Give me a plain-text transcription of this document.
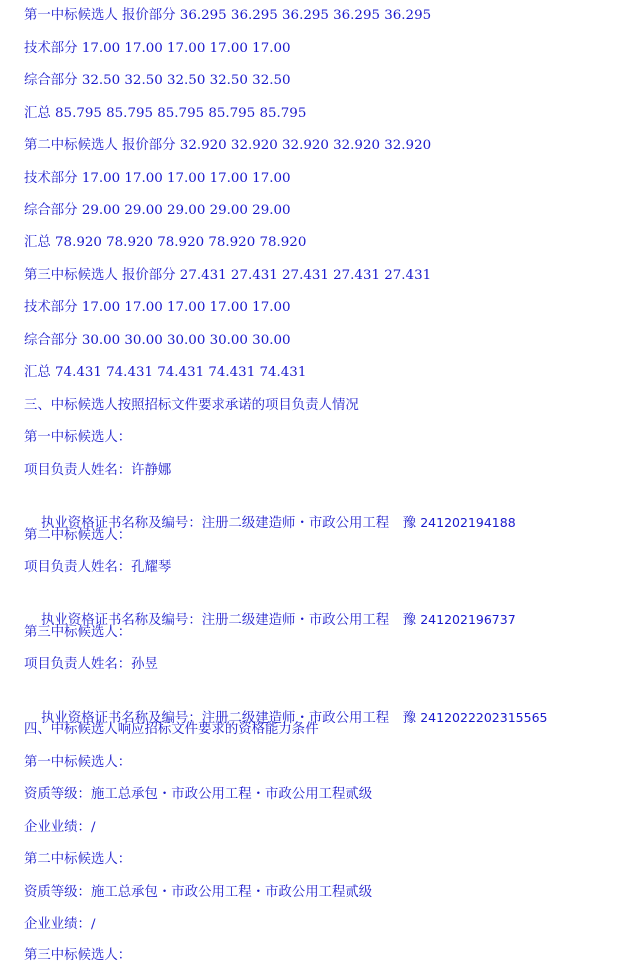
第一中标候选人 报价部分 36.295 36.295 36.295 36.295 36.295
技术部分 17.00 17.00 17.00 17.00 17.00
综合部分 32.50 32.50 32.50 32.50 32.50
汇总 85.795 85.795 85.795 85.795 85.795
第二中标候选人 报价部分 32.920 32.920 32.920 32.920 32.920
技术部分 17.00 17.00 17.00 17.00 17.00
综合部分 29.00 29.00 29.00 29.00 29.00
汇总 78.920 78.920 78.920 78.920 78.920
第三中标候选人 报价部分 27.431 27.431 27.431 27.431 27.431
技术部分 17.00 17.00 17.00 17.00 17.00
综合部分 30.00 30.00 30.00 30.00 30.00
汇总 74.431 74.431 74.431 74.431 74.431
三、中标候选人按照招标文件要求承诺的项目负责人情况
第一中标候选人：
项目负责人姓名：许静娜

执业资格证书名称及编号：注册二级建造师・市政公用工程　豫 241202194188

第二中标候选人：
项目负责人姓名：孔耀琴

执业资格证书名称及编号：注册二级建造师・市政公用工程　豫 241202196737

第三中标候选人：
项目负责人姓名：孙昱

执业资格证书名称及编号：注册二级建造师・市政公用工程　豫 2412022202315565

四、中标候选人响应招标文件要求的资格能力条件
第一中标候选人：
资质等级：施工总承包・市政公用工程・市政公用工程贰级
企业业绩：/
第二中标候选人：
资质等级：施工总承包・市政公用工程・市政公用工程贰级
企业业绩：/
第三中标候选人：
